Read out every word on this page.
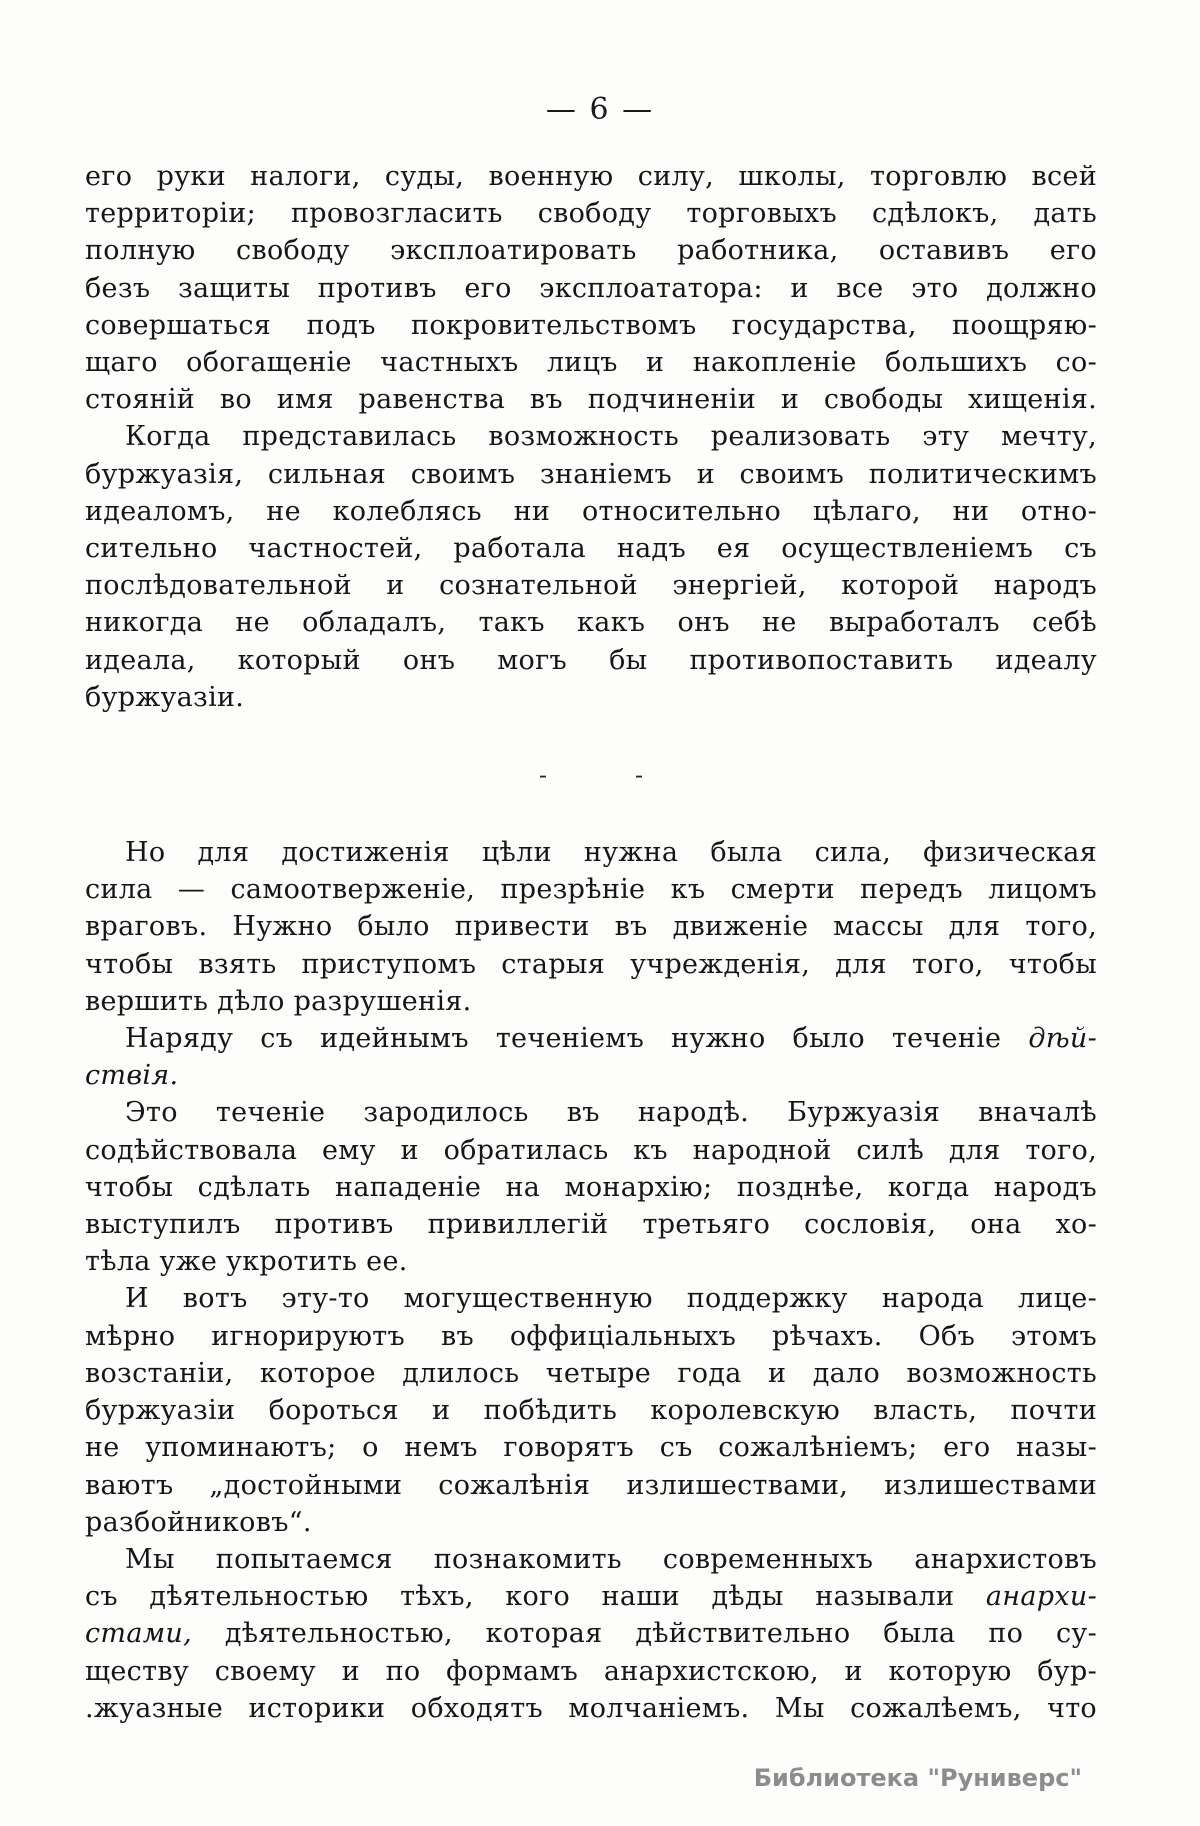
— 6 —
его руки налоги, суды, военную силу, школы, торговлю всей
территоріи; провозгласить свободу торговыхъ сдѣлокъ, дать
полную свободу эксплоатировать работника, оставивъ его
безъ защиты противъ его эксплоататора: и все это должно
совершаться подъ покровительствомъ государства, поощряю-
щаго обогащеніе частныхъ лицъ и накопленіе большихъ со-
стояній во имя равенства въ подчиненіи и свободы хищенія.
Когда представилась возможность реализовать эту мечту,
буржуазія, сильная своимъ знаніемъ и своимъ политическимъ
идеаломъ, не колеблясь ни относительно цѣлаго, ни отно-
сительно частностей, работала надъ ея осуществленіемъ съ
послѣдовательной и сознательной энергіей, которой народъ
никогда не обладалъ, такъ какъ онъ не выработалъ себѣ
идеала, который онъ могъ бы противопоставить идеалу
буржуазіи.
-	-
Но для достиженія цѣли нужна была сила, физическая
сила — самоотверженіе, презрѣніе къ смерти передъ лицомъ
враговъ. Нужно было привести въ движеніе массы для того,
чтобы взять приступомъ старыя учрежденія, для того, чтобы
вершить дѣло разрушенія.
Наряду съ идейнымъ теченіемъ нужно было теченіе дѣй-
ствія.
Это теченіе зародилось въ народѣ. Буржуазія вначалѣ
содѣйствовала ему и обратилась къ народной силѣ для того,
чтобы сдѣлать нападеніе на монархію; позднѣе, когда народъ
выступилъ противъ привиллегій третьяго сословія, она хо-
тѣла уже укротить ее.
И вотъ эту-то могущественную поддержку народа лице-
мѣрно игнорируютъ въ оффиціальныхъ рѣчахъ. Объ этомъ
возстаніи, которое длилось четыре года и дало возможность
буржуазіи бороться и побѣдить королевскую власть, почти
не упоминаютъ; о немъ говорятъ съ сожалѣніемъ; его назы-
ваютъ „достойными сожалѣнія излишествами, излишествами
разбойниковъ“.
Мы попытаемся познакомить современныхъ анархистовъ
съ дѣятельностью тѣхъ, кого наши дѣды называли анархи-
стами, дѣятельностью, которая дѣйствительно была по су-
ществу своему и по формамъ анархистскою, и которую бур-
.жуазные историки обходятъ молчаніемъ. Мы сожалѣемъ, что
Библиотека "Руниверс"
